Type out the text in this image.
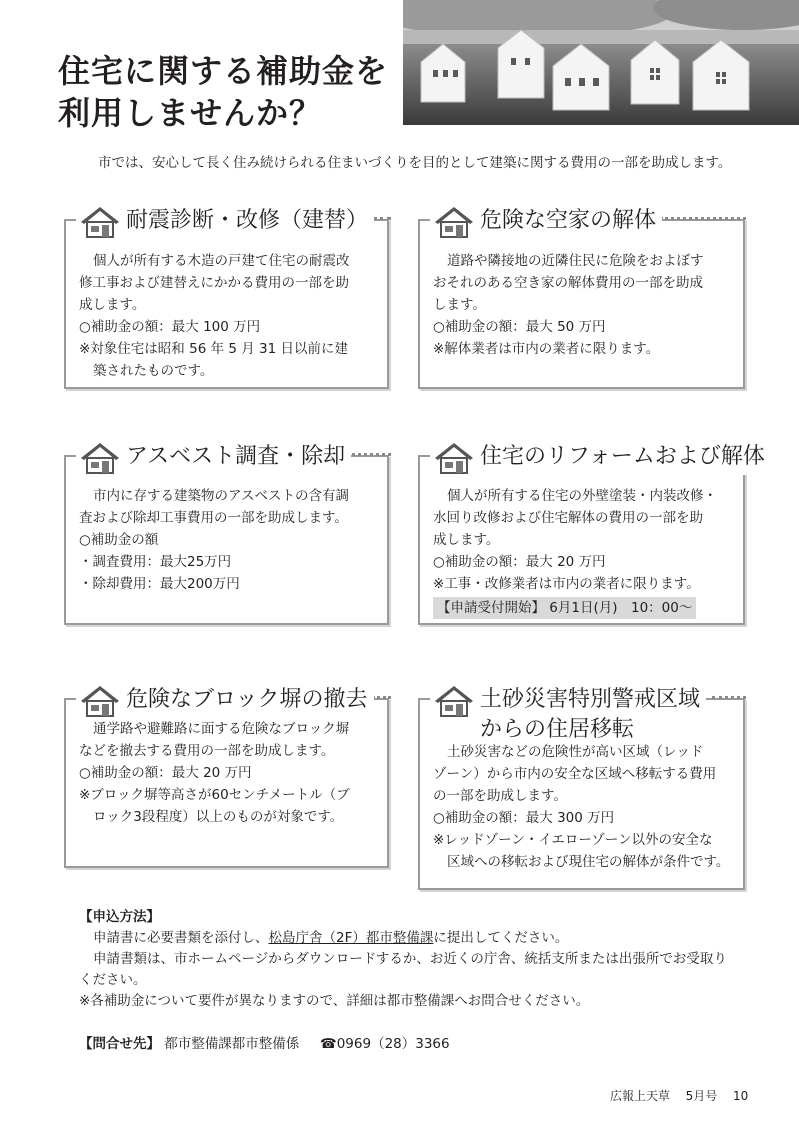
住宅に関する補助金を
利用しませんか？
市では、安心して長く住み続けられる住まいづくりを目的として建築に関する費用の一部を助成します。
耐震診断・改修（建替）

個人が所有する木造の戸建て住宅の耐震改

修工事および建替えにかかる費用の一部を助

成します。

○補助金の額：最大 100 万円

※対象住宅は昭和 56 年 5 月 31 日以前に建

築されたものです。

危険な空家の解体

道路や隣接地の近隣住民に危険をおよぼす

おそれのある空き家の解体費用の一部を助成

します。

○補助金の額：最大 50 万円

※解体業者は市内の業者に限ります。

アスベスト調査・除却

市内に存する建築物のアスベストの含有調

査および除却工事費用の一部を助成します。

○補助金の額

・調査費用：最大25万円

・除却費用：最大200万円

住宅のリフォームおよび解体

個人が所有する住宅の外壁塗装・内装改修・

水回り改修および住宅解体の費用の一部を助

成します。

○補助金の額：最大 20 万円

※工事・改修業者は市内の業者に限ります。

【申請受付開始】 6月1日(月)　10：00～

危険なブロック塀の撤去

通学路や避難路に面する危険なブロック塀

などを撤去する費用の一部を助成します。

○補助金の額：最大 20 万円

※ブロック塀等高さが60センチメートル（ブ

ロック3段程度）以上のものが対象です。

土砂災害特別警戒区域
からの住居移転

土砂災害などの危険性が高い区域（レッド

ゾーン）から市内の安全な区域へ移転する費用

の一部を助成します。

○補助金の額：最大 300 万円

※レッドゾーン・イエローゾーン以外の安全な

区域への移転および現住宅の解体が条件です。

【申込方法】

申請書に必要書類を添付し、松島庁舎（2F）都市整備課に提出してください。

申請書類は、市ホームページからダウンロードするか、お近くの庁舎、統括支所または出張所でお受取り

ください。

※各補助金について要件が異なりますので、詳細は都市整備課へお問合せください。

【問合せ先】 都市整備課都市整備係 ☎0969（28）3366
広報上天草 5月号 10
